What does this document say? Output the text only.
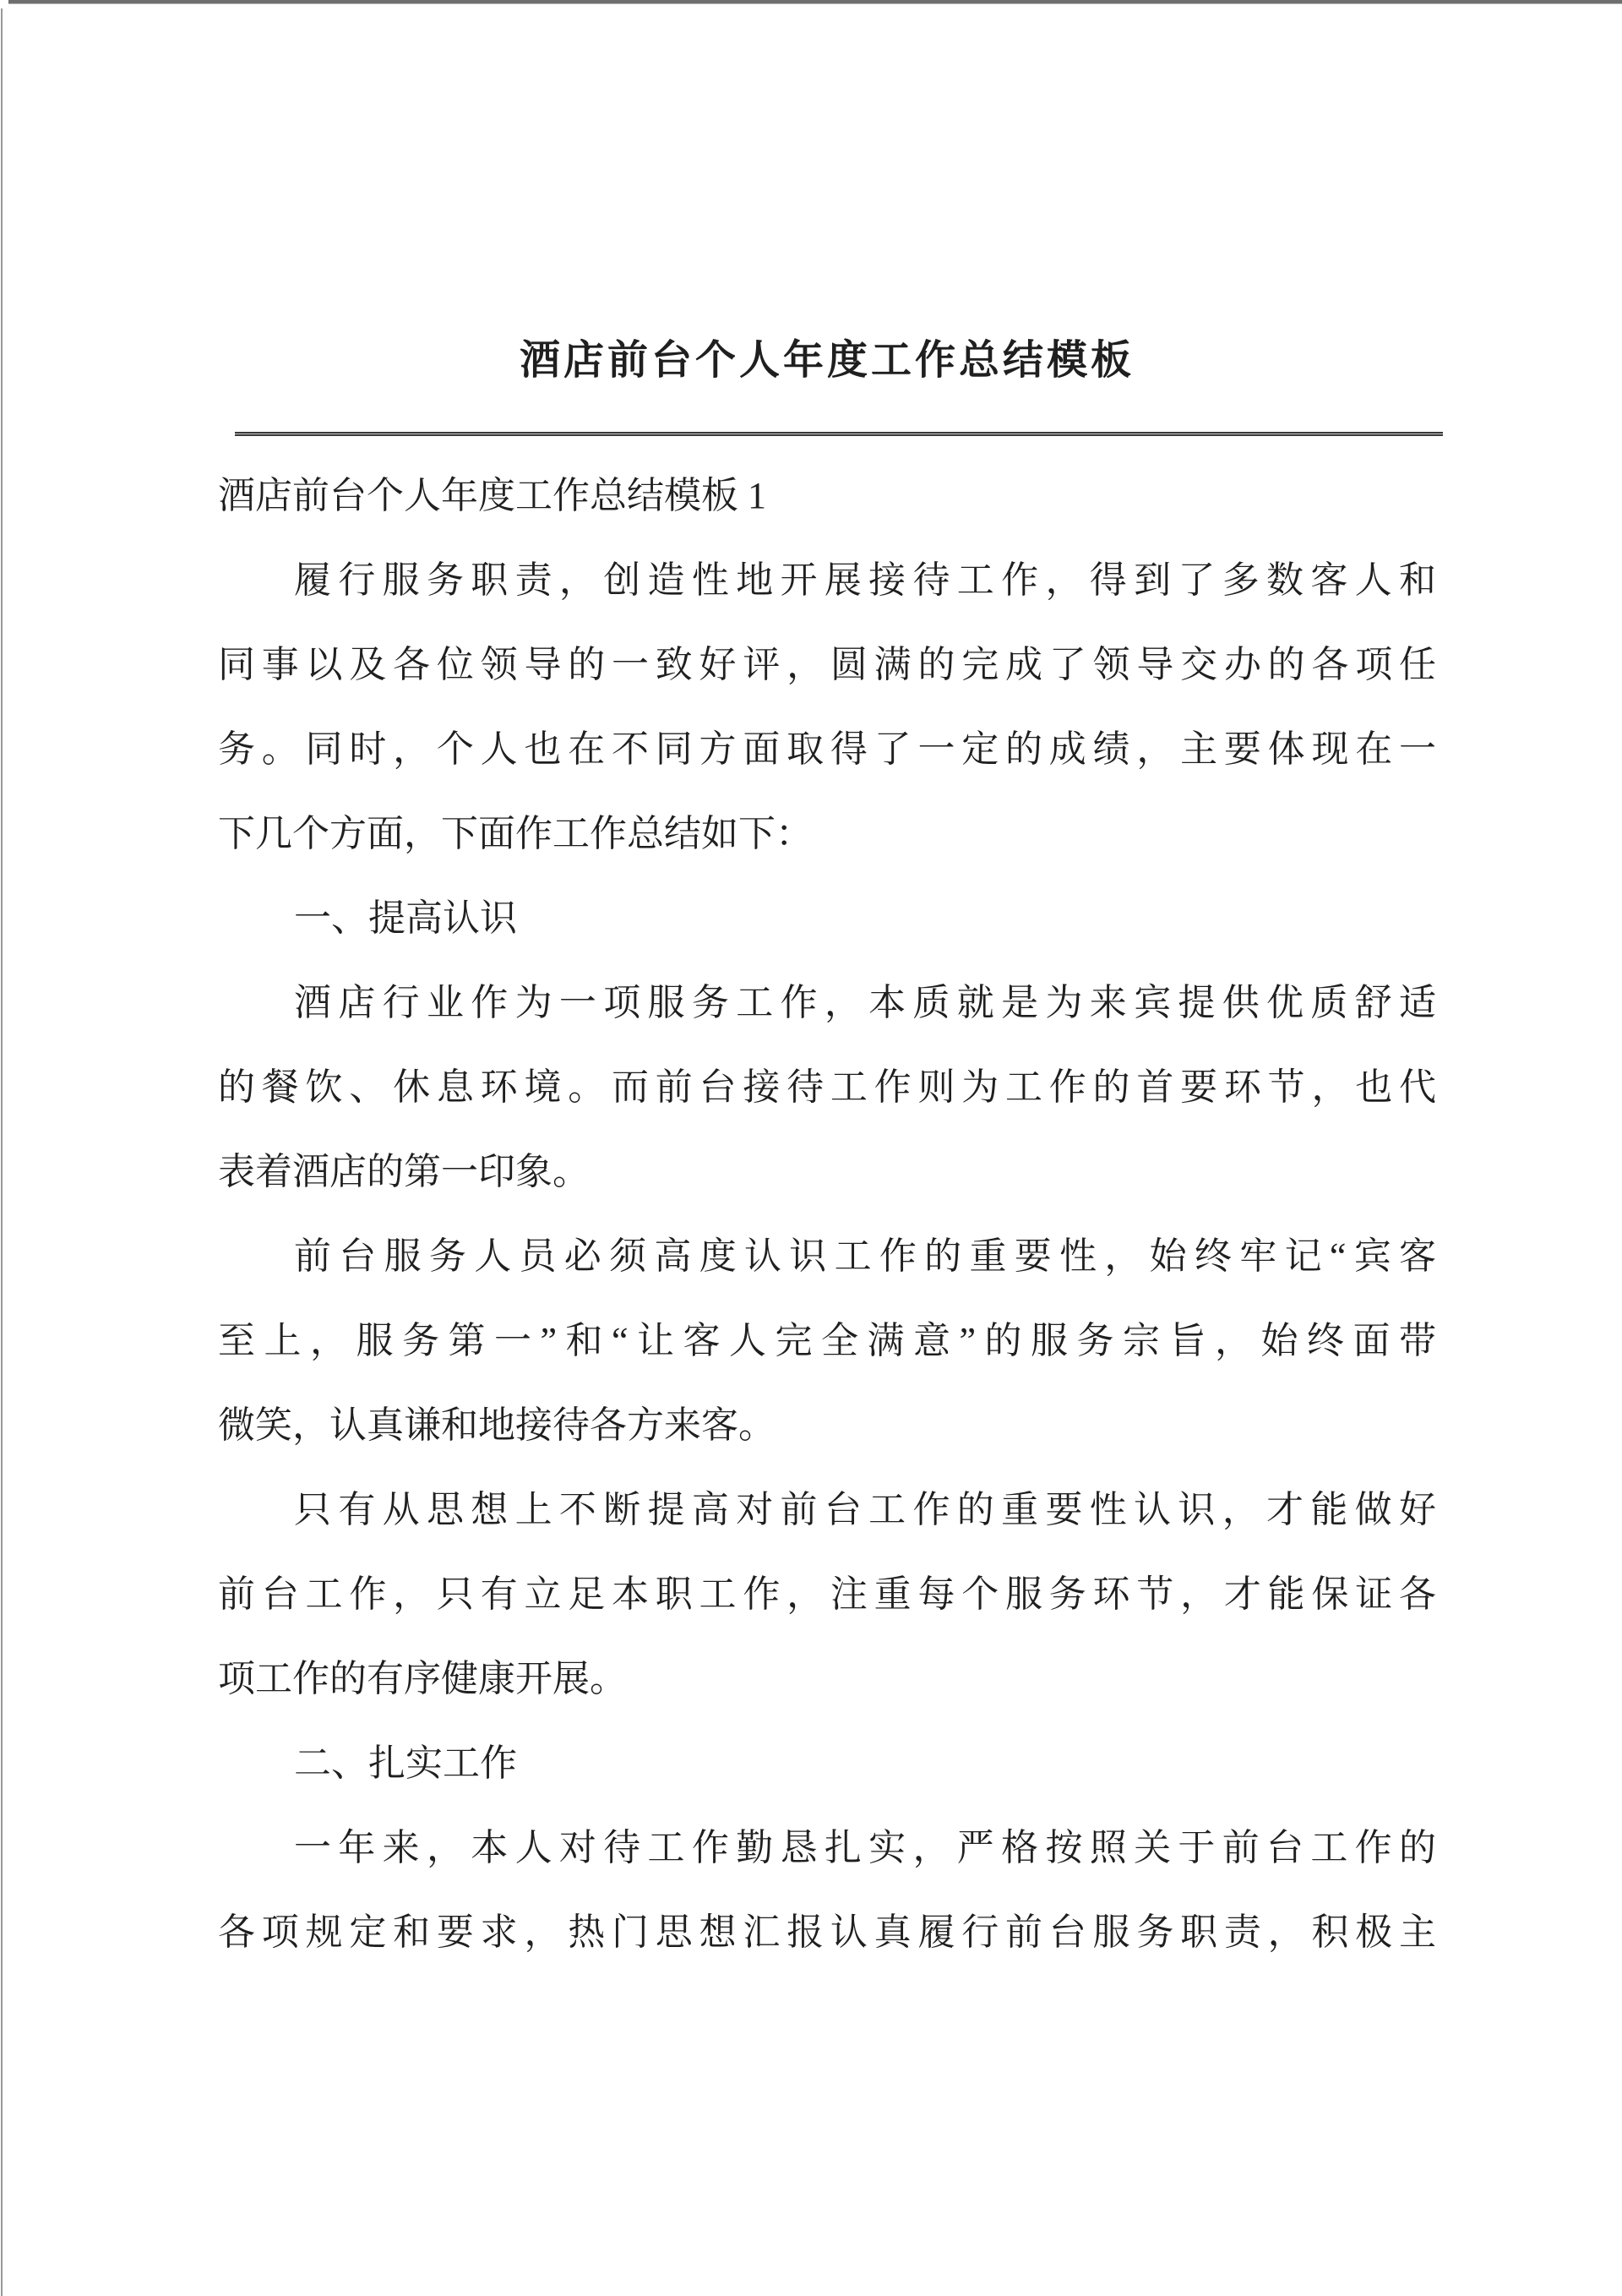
酒店前台个人年度工作总结模板
酒店前台个人年度工作总结模板 1
履行服务职责，创造性地开展接待工作，得到了多数客人和
同事以及各位领导的一致好评，圆满的完成了领导交办的各项任
务。同时，个人也在不同方面取得了一定的成绩，主要体现在一
下几个方面，下面作工作总结如下：
一、提高认识
酒店行业作为一项服务工作，本质就是为来宾提供优质舒适
的餐饮、休息环境。而前台接待工作则为工作的首要环节，也代
表着酒店的第一印象。
前台服务人员必须高度认识工作的重要性，始终牢记“宾客
至上，服务第一”和“让客人完全满意”的服务宗旨，始终面带
微笑，认真谦和地接待各方来客。
只有从思想上不断提高对前台工作的重要性认识，才能做好
前台工作，只有立足本职工作，注重每个服务环节，才能保证各
项工作的有序健康开展。
二、扎实工作
一年来，本人对待工作勤恳扎实，严格按照关于前台工作的
各项规定和要求，热门思想汇报认真履行前台服务职责，积极主
